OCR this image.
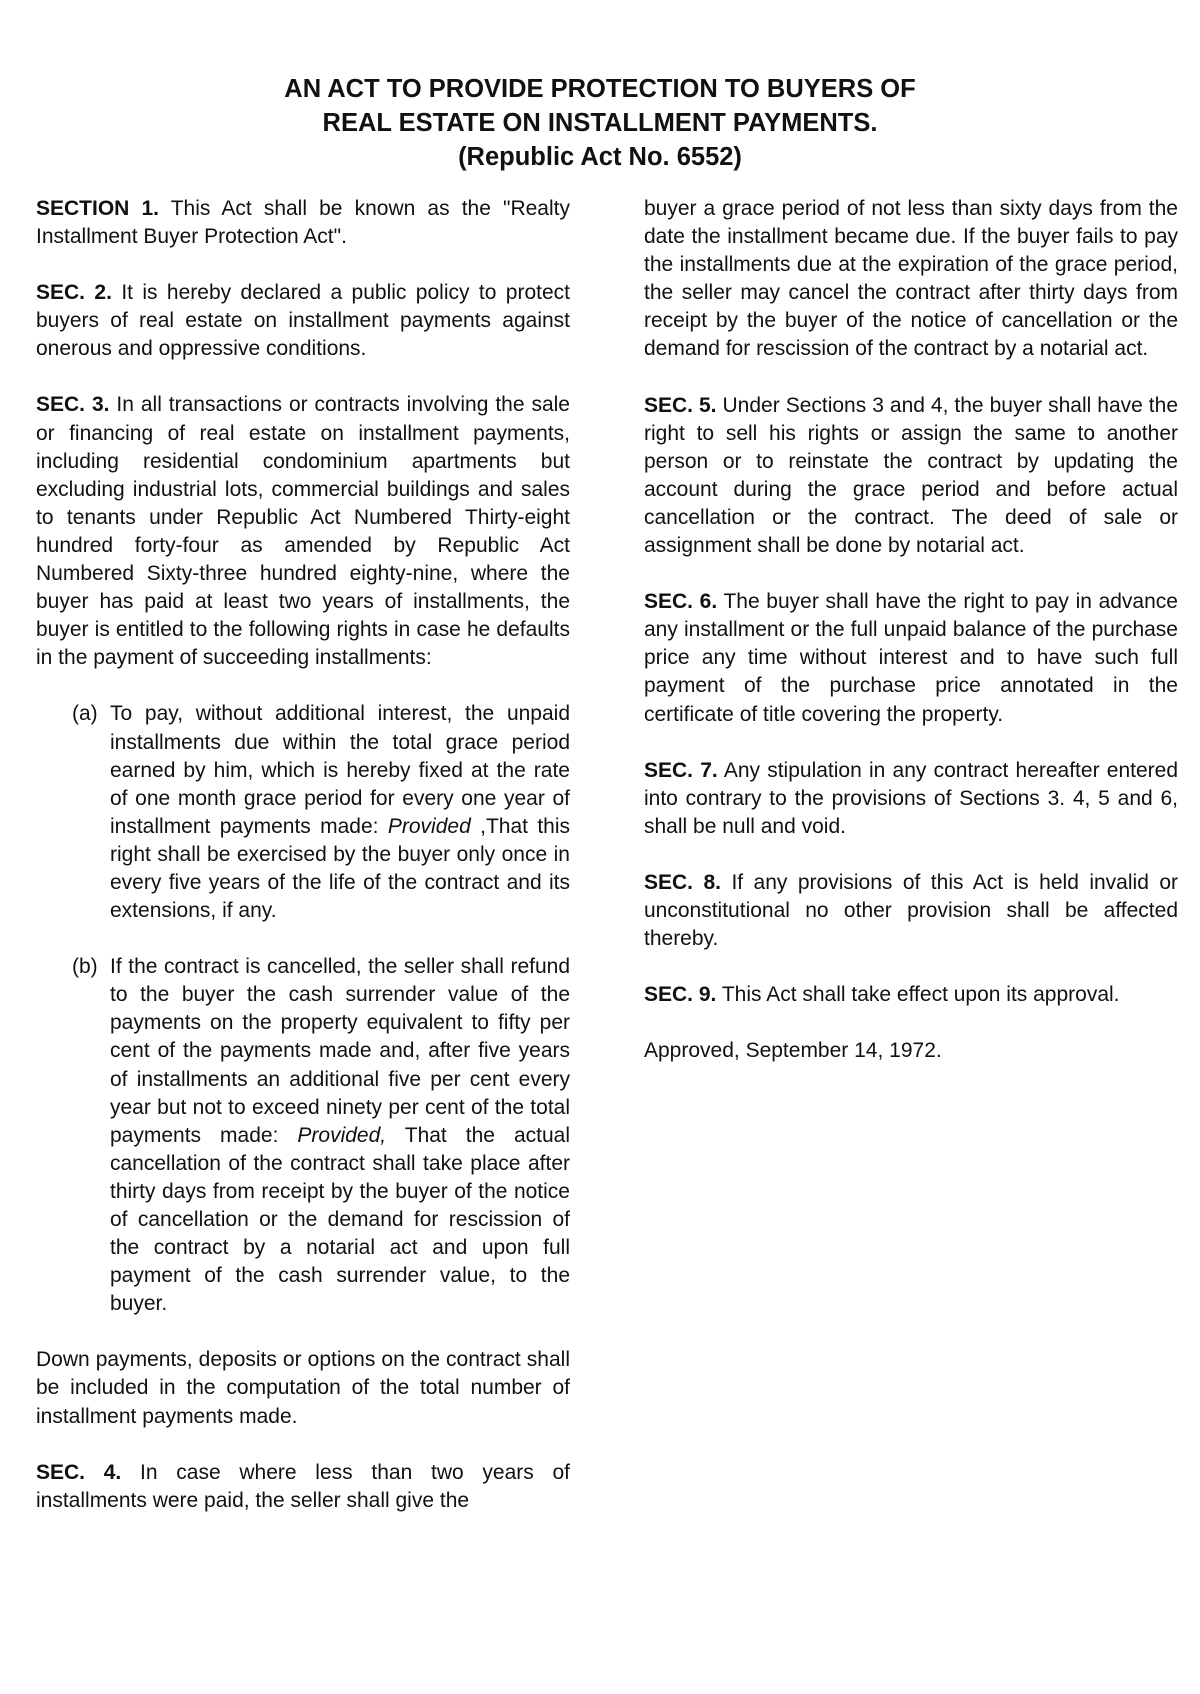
AN ACT TO PROVIDE PROTECTION TO BUYERS OF
REAL ESTATE ON INSTALLMENT PAYMENTS.
(Republic Act No. 6552)

SECTION 1. This Act shall be known as the "Realty Installment Buyer Protection Act".

SEC. 2. It is hereby declared a public policy to protect buyers of real estate on installment payments against onerous and oppressive conditions.

SEC. 3. In all transactions or contracts involving the sale or financing of real estate on installment payments, including residential condominium apartments but excluding industrial lots, commercial buildings and sales to tenants under Republic Act Numbered Thirty-eight hundred forty-four as amended by Republic Act Numbered Sixty-three hundred eighty-nine, where the buyer has paid at least two years of installments, the buyer is entitled to the following rights in case he defaults in the payment of succeeding installments:

(a) To pay, without additional interest, the unpaid installments due within the total grace period earned by him, which is hereby fixed at the rate of one month grace period for every one year of installment payments made: Provided ,That this right shall be exercised by the buyer only once in every five years of the life of the contract and its extensions, if any.
(b) If the contract is cancelled, the seller shall refund to the buyer the cash surrender value of the payments on the property equivalent to fifty per cent of the payments made and, after five years of installments an additional five per cent every year but not to exceed ninety per cent of the total payments made: Provided, That the actual cancellation of the contract shall take place after thirty days from receipt by the buyer of the notice of cancellation or the demand for rescission of the contract by a notarial act and upon full payment of the cash surrender value, to the buyer.

Down payments, deposits or options on the contract shall be included in the computation of the total number of installment payments made.

SEC. 4. In case where less than two years of installments were paid, the seller shall give the

buyer a grace period of not less than sixty days from the date the installment became due. If the buyer fails to pay the installments due at the expiration of the grace period, the seller may cancel the contract after thirty days from receipt by the buyer of the notice of cancellation or the demand for rescission of the contract by a notarial act.

SEC. 5. Under Sections 3 and 4, the buyer shall have the right to sell his rights or assign the same to another person or to reinstate the contract by updating the account during the grace period and before actual cancellation or the contract. The deed of sale or assignment shall be done by notarial act.

SEC. 6. The buyer shall have the right to pay in advance any installment or the full unpaid balance of the purchase price any time without interest and to have such full payment of the purchase price annotated in the certificate of title covering the property.

SEC. 7. Any stipulation in any contract hereafter entered into contrary to the provisions of Sections 3. 4, 5 and 6, shall be null and void.

SEC. 8. If any provisions of this Act is held invalid or unconstitutional no other provision shall be affected thereby.

SEC. 9. This Act shall take effect upon its approval.

Approved, September 14, 1972.
